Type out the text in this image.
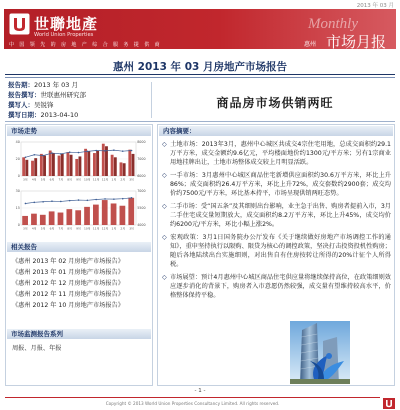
2013 年 03 月
世聯地產
World Union Properties
中国领先的房地产综合服务提供商
Monthly
惠州 市场月报
惠州 2013 年 03 月房地产市场报告
报告期：2013 年 03 月
报告撰写：世联惠州研究部
撰写人：吴锐锋
撰写日期：2013-04-10
商品房市场供销两旺
市场走势
0
20
40
3月 4月 5月 6月 7月 8月 9月 10月 11月 12月 1月 2月 3月
6000
7000
8000
0
15
30
3月 4月 5月 6月 7月 8月 9月 10月 11月 12月 1月 2月 3月
4000
5500
7000
相关报告
《惠州 2013 年 02 月房地产市场报告》
《惠州 2013 年 01 月房地产市场报告》
《惠州 2012 年 12 月房地产市场报告》
《惠州 2012 年 11 月房地产市场报告》
《惠州 2012 年 10 月房地产市场报告》
市场监测报告系列
周报、月报、年报
内容摘要：
◇ 土地市场：2013年3月，惠州中心城区共成交4宗住宅用地，总成交面积约29.1万平方米，成交金额约9.6亿元，平均楼面地价约1300元/平方米；另有1宗商业用地挂牌出让，土地市场整体成交较上月明显活跃。
◇ 一手市场：3月惠州中心城区商品住宅新增供应面积约30.6万平方米，环比上升86%；成交面积约26.4万平方米，环比上升72%，成交套数约2900套；成交均价约7500元/平方米，环比基本持平，市场呈现供销两旺态势。
◇ 二手市场：受“国五条”及其细则出台影响，业主急于出售、购房者提前入市，3月二手住宅成交量短期放大，成交面积约8.2万平方米，环比上升45%，成交均价约6200元/平方米，环比小幅上涨2%。
◇ 宏观政策：3月1日国务院办公厅发布《关于继续做好房地产市场调控工作的通知》，重申坚持执行以限购、限贷为核心的调控政策，坚决打击投资投机性购房；随后各地陆续出台实施细则，对出售自有住房按转让所得的20%计征个人所得税。
◇ 市场展望：预计4月惠州中心城区商品住宅供应量将继续保持高位，在政策细则效应逐步消化的背景下，购房者入市意愿仍然较强，成交量有望维持较高水平，价格整体保持平稳。
- 1 -
Copyright © 2013 World Union Properties Consultancy Limited. All rights reserved.
